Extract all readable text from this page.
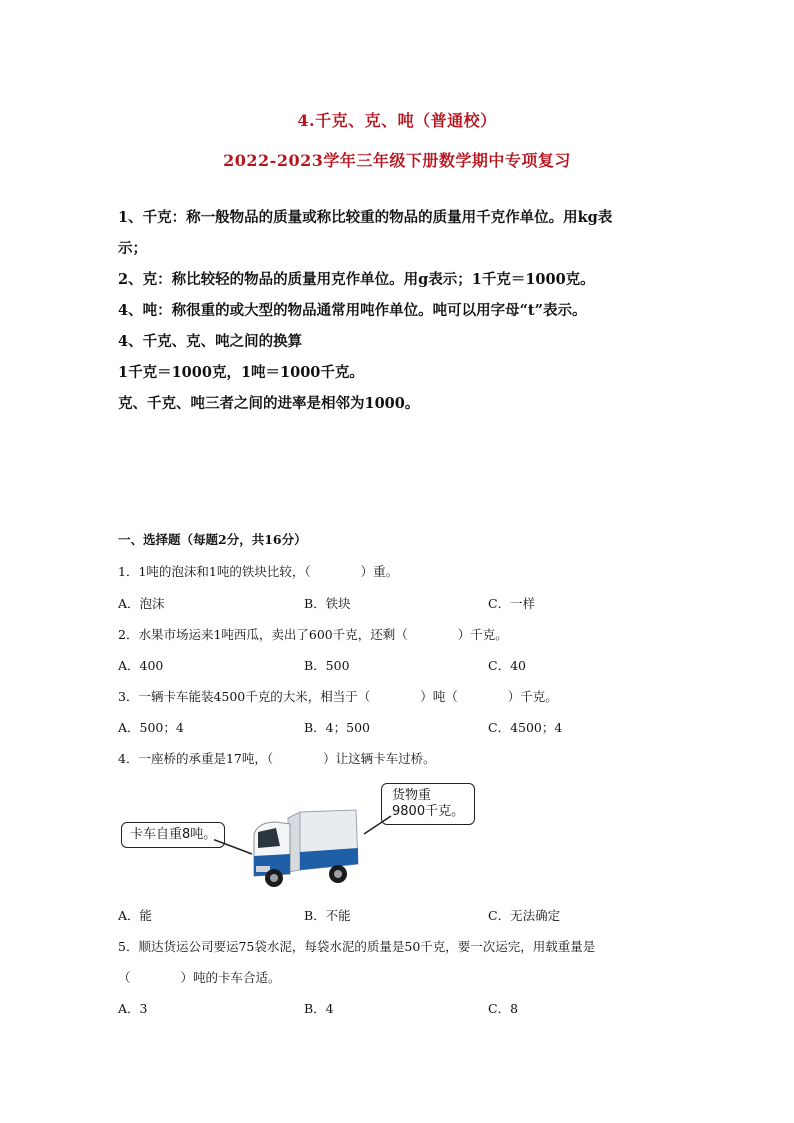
4.千克、克、吨（普通校）
2022-2023学年三年级下册数学期中专项复习
1、千克：称一般物品的质量或称比较重的物品的质量用千克作单位。用kg表
示；
2、克：称比较轻的物品的质量用克作单位。用g表示；1千克＝1000克。
4、吨：称很重的或大型的物品通常用吨作单位。吨可以用字母“t”表示。
4、千克、克、吨之间的换算
1千克＝1000克，1吨＝1000千克。
克、千克、吨三者之间的进率是相邻为1000。
一、选择题（每题2分，共16分）
1．1吨的泡沫和1吨的铁块比较，（　　　　）重。
A．泡沫	B．铁块	C．一样
2．水果市场运来1吨西瓜，卖出了600千克，还剩（　　　　）千克。
A．400	B．500	C．40
3．一辆卡车能装4500千克的大米，相当于（　　　　）吨（　　　　）千克。
A．500；4	B．4；500	C．4500；4
4．一座桥的承重是17吨，（　　　　）让这辆卡车过桥。
卡车自重8吨。
货物重
9800千克。
A．能	B．不能	C．无法确定
5．顺达货运公司要运75袋水泥，每袋水泥的质量是50千克，要一次运完，用载重量是
（　　　　）吨的卡车合适。
A．3	B．4	C．8
